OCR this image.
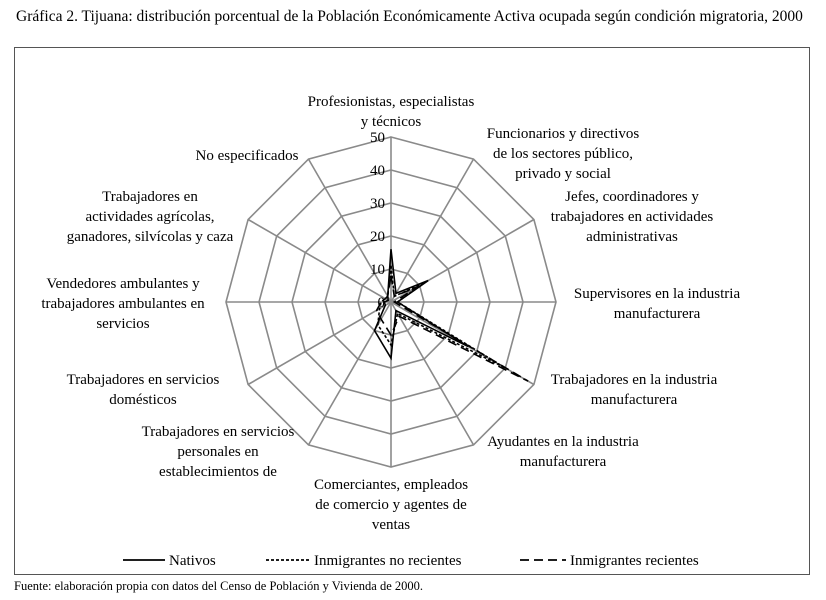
Gráfica 2. Tijuana: distribución porcentual de la Población Económicamente Activa ocupada según condición migratoria, 2000
0
10
20
30
40
50
Profesionistas, especialistas
y técnicos
Funcionarios y directivos
de los sectores público,
privado y social
Jefes, coordinadores y
trabajadores en actividades
administrativas
Supervisores en la industria
manufacturera
Trabajadores en la industria
manufacturera
Ayudantes en la industria
manufacturera
Comerciantes, empleados
de comercio y agentes de
ventas
Trabajadores en servicios
personales en
establecimientos de
Trabajadores en servicios
domésticos
Vendedores ambulantes y
trabajadores ambulantes en
servicios
Trabajadores en
actividades agrícolas,
ganadores, silvícolas y caza
No especificados
Nativos	Inmigrantes no recientes	Inmigrantes recientes
Fuente: elaboración propia con datos del Censo de Población y Vivienda de 2000.
